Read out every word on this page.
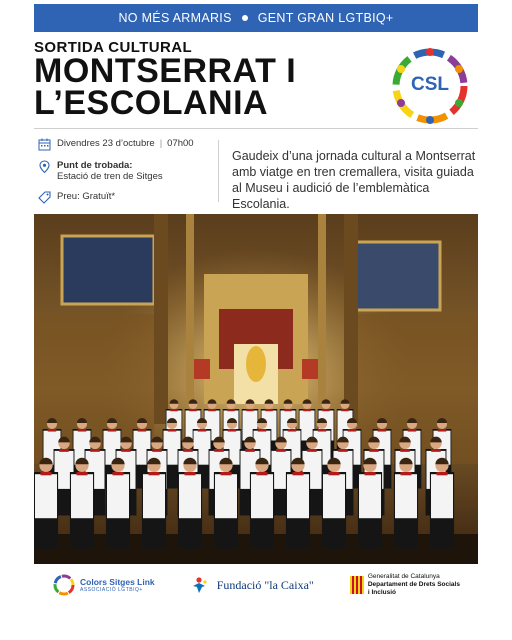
NO MÉS ARMARIS GENT GRAN LGTBIQ+
SORTIDA CULTURAL
MONTSERRAT I
L’ESCOLANIA	CSL
Divendres 23 d’octubre | 07h00
Punt de trobada:
Estació de tren de Sitges
Preu: Gratuït*
Gaudeix d’una jornada cultural a Montserrat amb viatge en tren cremallera, visita guiada al Museu i audició de l’emblemàtica Escolania.
Colors Sitges Link
ASSOCIACIÓ LGTBIQ+	Fundació "la Caixa"
Generalitat de Catalunya
Departament de Drets Socials
i Inclusió
